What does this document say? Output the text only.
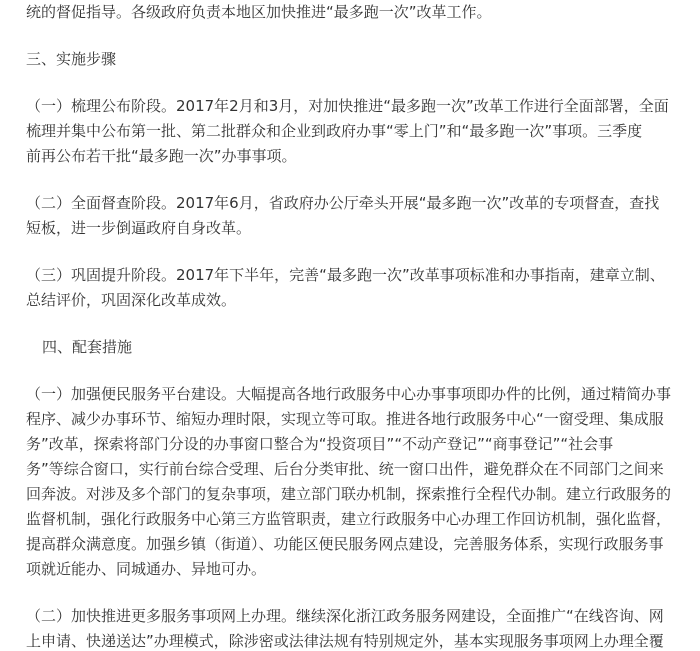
统的督促指导。各级政府负责本地区加快推进“最多跑一次”改革工作。
三、实施步骤
（一）梳理公布阶段。2017年2月和3月，对加快推进“最多跑一次”改革工作进行全面部署，全面
梳理并集中公布第一批、第二批群众和企业到政府办事“零上门”和“最多跑一次”事项。三季度
前再公布若干批“最多跑一次”办事事项。
（二）全面督查阶段。2017年6月，省政府办公厅牵头开展“最多跑一次”改革的专项督查，查找
短板，进一步倒逼政府自身改革。
（三）巩固提升阶段。2017年下半年，完善“最多跑一次”改革事项标准和办事指南，建章立制、
总结评价，巩固深化改革成效。
四、配套措施
（一）加强便民服务平台建设。大幅提高各地行政服务中心办事事项即办件的比例，通过精简办事
程序、减少办事环节、缩短办理时限，实现立等可取。推进各地行政服务中心“一窗受理、集成服
务”改革，探索将部门分设的办事窗口整合为“投资项目”“不动产登记”“商事登记”“社会事
务”等综合窗口，实行前台综合受理、后台分类审批、统一窗口出件，避免群众在不同部门之间来
回奔波。对涉及多个部门的复杂事项，建立部门联办机制，探索推行全程代办制。建立行政服务的
监督机制，强化行政服务中心第三方监管职责，建立行政服务中心办理工作回访机制，强化监督，
提高群众满意度。加强乡镇（街道）、功能区便民服务网点建设，完善服务体系，实现行政服务事
项就近能办、同城通办、异地可办。
（二）加快推进更多服务事项网上办理。继续深化浙江政务服务网建设，全面推广“在线咨询、网
上申请、快递送达”办理模式，除涉密或法律法规有特别规定外，基本实现服务事项网上办理全覆
